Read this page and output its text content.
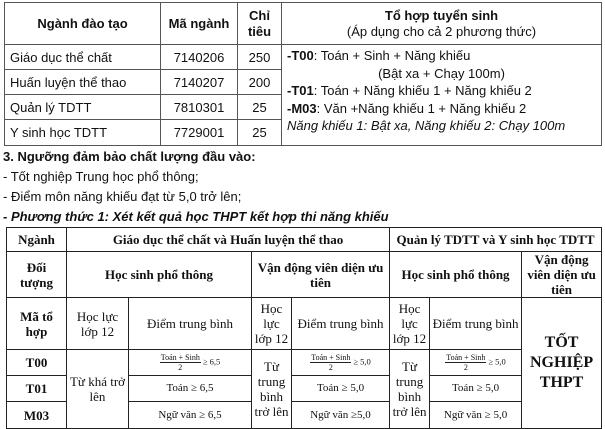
Ngành đào tạo	Mã ngành	Chỉ tiêu	Tổ hợp tuyển sinh
(Áp dụng cho cả 2 phương thức)

Giáo dục thể chất	7140206	250	-T00: Toán + Sinh + Năng khiếu
(Bật xa + Chạy 100m)
-T01: Toán + Năng khiếu 1 + Năng khiếu 2
-M03: Văn +Năng khiếu 1 + Năng khiếu 2
Năng khiếu 1: Bật xa, Năng khiếu 2: Chạy 100m

Huấn luyện thể thao	7140207	200	
Quản lý TDTT	7810301	25	
Y sinh học TDTT	7729001	25	
3. Ngưỡng đảm bảo chất lượng đầu vào:
- Tốt nghiệp Trung học phổ thông;
- Điểm môn năng khiếu đạt từ 5,0 trở lên;
- Phương thức 1: Xét kết quả học THPT kết hợp thi năng khiếu
Ngành	Giáo dục thể chất và Huấn luyện thể thao				Quản lý TDTT và Y sinh học TDTT		
Đối tượng	Học sinh phổ thông		Vận động viên diện ưu tiên		Học sinh phổ thông		Vận động viên diện ưu tiên
Mã tổ hợp	Học lực lớp 12	Điểm trung bình	Học lực lớp 12	Điểm trung bình	Học lực lớp 12	Điểm trung bình	TỐT NGHIỆP THPT
T00	Từ khá trở lên	$\frac{\text{Toán + Sinh}}{2} \ge 6,5$	Từ trung bình trở lên	$\frac{\text{Toán + Sinh}}{2} \ge 5,0$	Từ trung bình trở lên	$\frac{\text{Toán + Sinh}}{2} \ge 5,0$	
T01		Toán ≥ 6,5		Toán ≥ 5,0		Toán ≥ 5,0	
M03		Ngữ văn ≥ 6,5		Ngữ văn ≥5,0		Ngữ văn ≥ 5,0	
